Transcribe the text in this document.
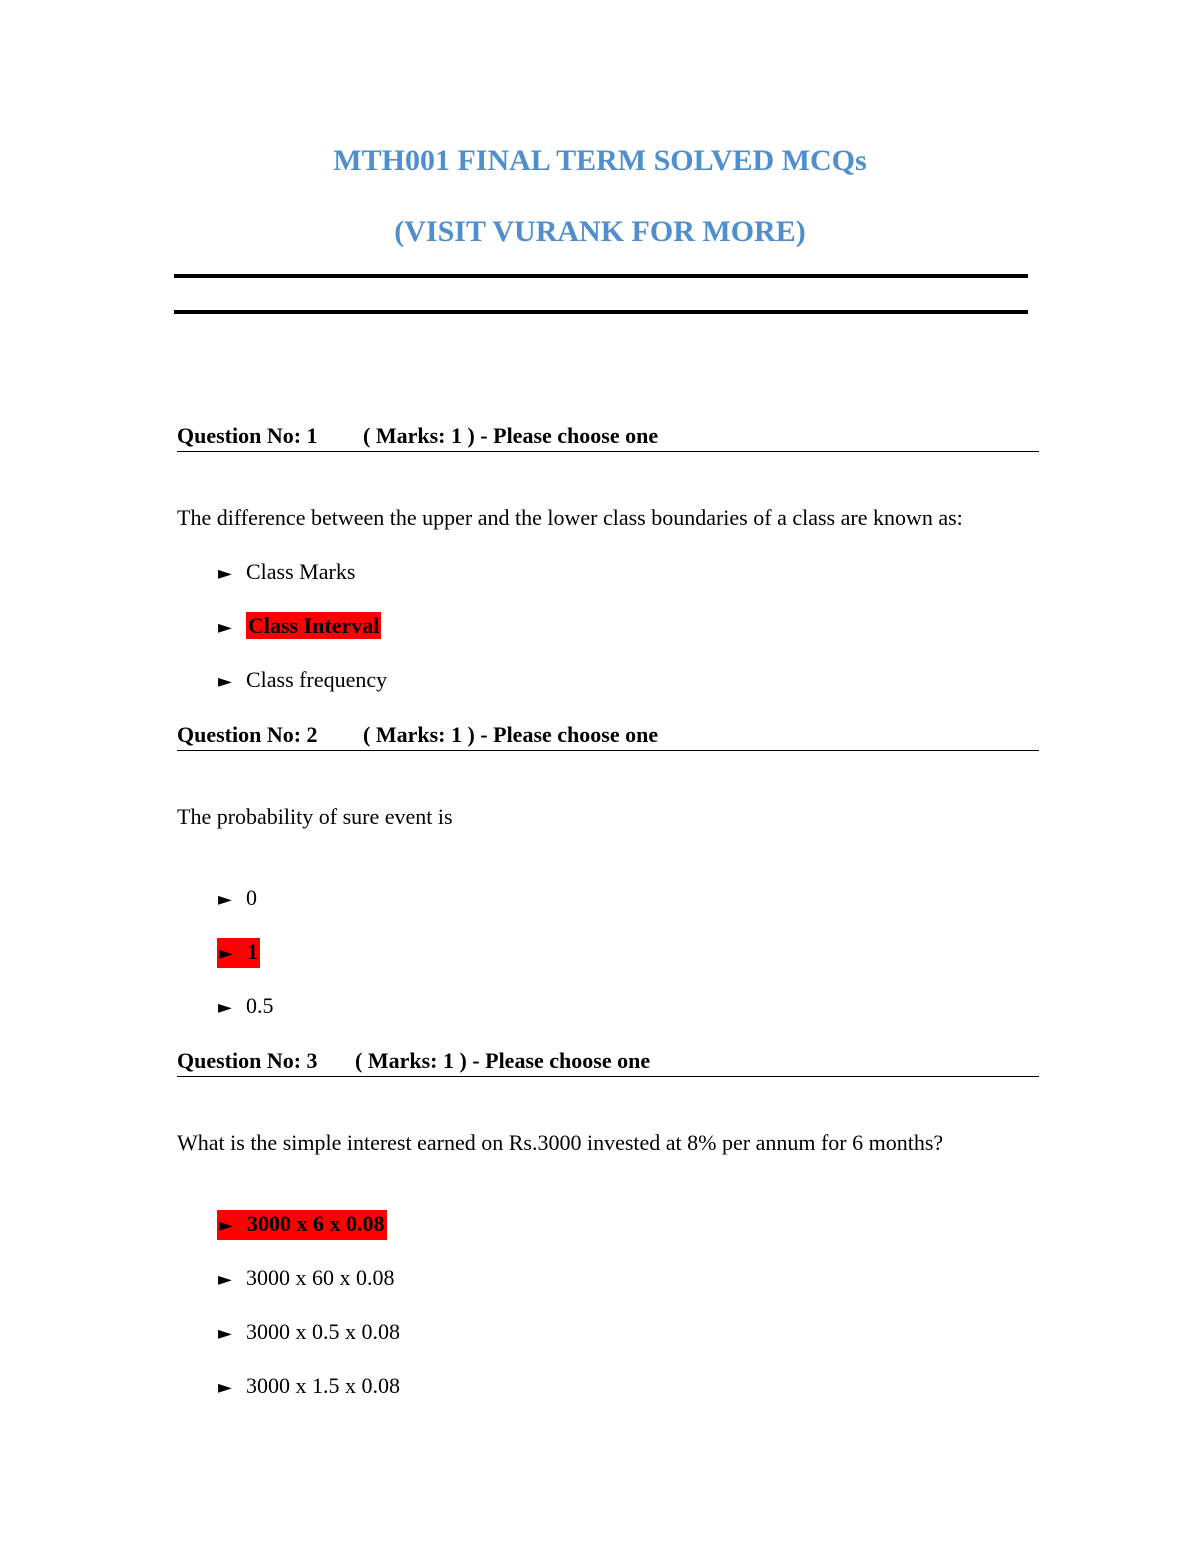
MTH001 FINAL TERM SOLVED MCQs
(VISIT VURANK FOR MORE)
Question No: 1 ( Marks: 1 ) - Please choose one
The difference between the upper and the lower class boundaries of a class are known as:
► Class Marks
► Class Interval
► Class frequency
Question No: 2 ( Marks: 1 ) - Please choose one
The probability of sure event is
► 0
► 1
► 0.5
Question No: 3 ( Marks: 1 ) - Please choose one
What is the simple interest earned on Rs.3000 invested at 8% per annum for 6 months?
► 3000 x 6 x 0.08
► 3000 x 60 x 0.08
► 3000 x 0.5 x 0.08
► 3000 x 1.5 x 0.08
